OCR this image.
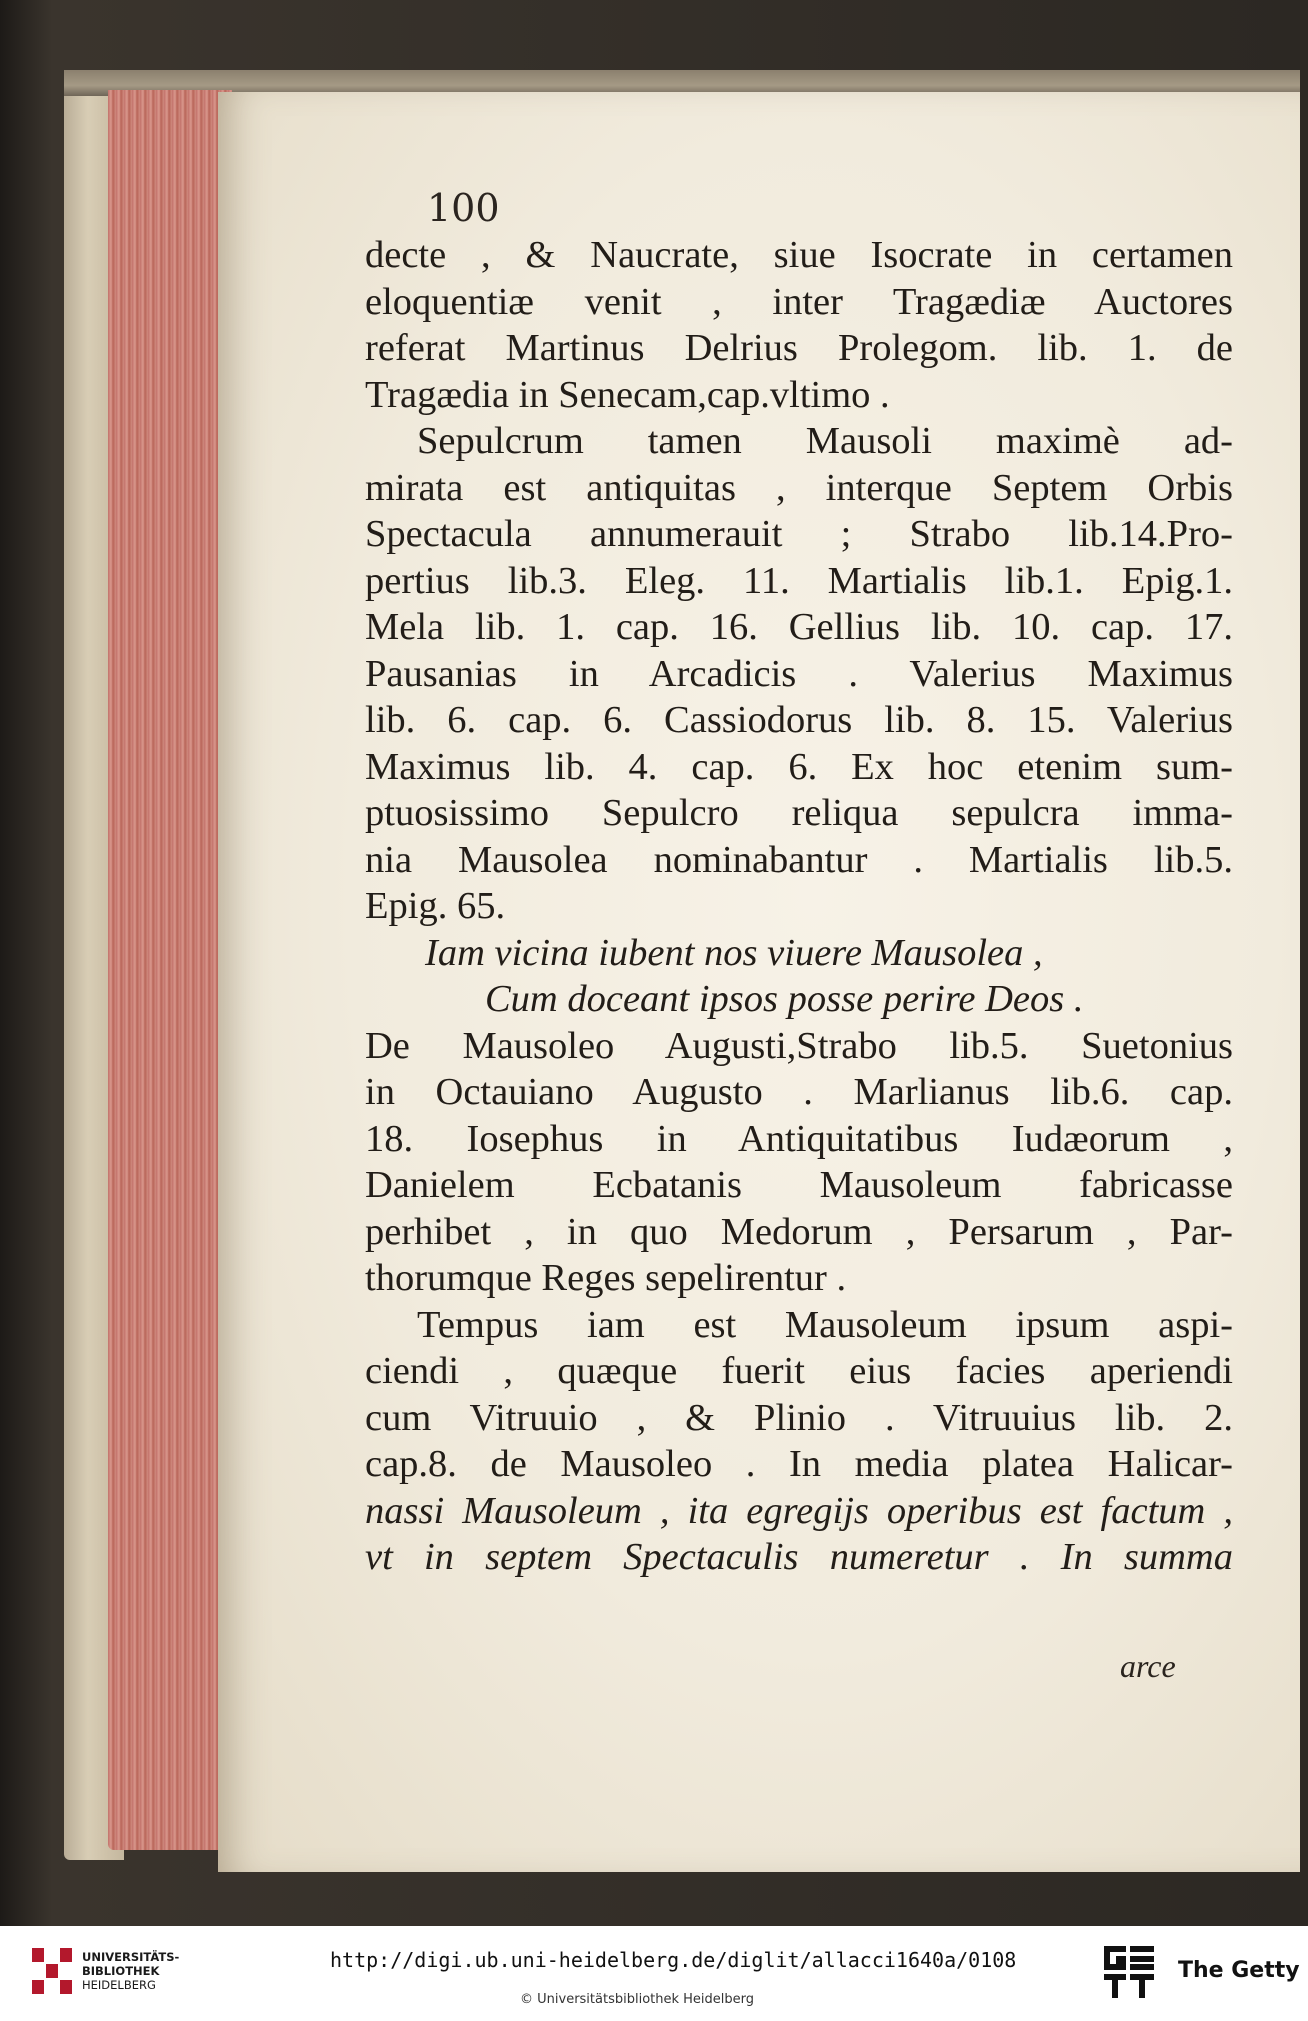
100
decte , & Naucrate, siue Isocrate in certamen
eloquentiæ venit , inter Tragædiæ Auctores
referat Martinus Delrius Prolegom. lib. 1. de
Tragædia in Senecam,cap.vltimo .
Sepulcrum tamen Mausoli maximè ad-
mirata est antiquitas , interque Septem Orbis
Spectacula annumerauit ; Strabo lib.14.Pro-
pertius lib.3. Eleg. 11. Martialis lib.1. Epig.1.
Mela lib. 1. cap. 16. Gellius lib. 10. cap. 17.
Pausanias in Arcadicis . Valerius Maximus
lib. 6. cap. 6. Cassiodorus lib. 8. 15. Valerius
Maximus lib. 4. cap. 6. Ex hoc etenim sum-
ptuosissimo Sepulcro reliqua sepulcra imma-
nia Mausolea nominabantur . Martialis lib.5.
Epig. 65.
Iam vicina iubent nos viuere Mausolea ,
Cum doceant ipsos posse perire Deos .
De Mausoleo Augusti,Strabo lib.5. Suetonius
in Octauiano Augusto . Marlianus lib.6. cap.
18. Iosephus in Antiquitatibus Iudæorum ,
Danielem Ecbatanis Mausoleum fabricasse
perhibet , in quo Medorum , Persarum , Par-
thorumque Reges sepelirentur .
Tempus iam est Mausoleum ipsum aspi-
ciendi , quæque fuerit eius facies aperiendi
cum Vitruuio , & Plinio . Vitruuius lib. 2.
cap.8. de Mausoleo . In media platea Halicar-
nassi Mausoleum , ita egregijs operibus est factum ,
vt in septem Spectaculis numeretur . In summa
arce
UNIVERSITÄTS-
BIBLIOTHEK
HEIDELBERG
http://digi.ub.uni-heidelberg.de/diglit/allacci1640a/0108
© Universitätsbibliothek Heidelberg
The Getty
